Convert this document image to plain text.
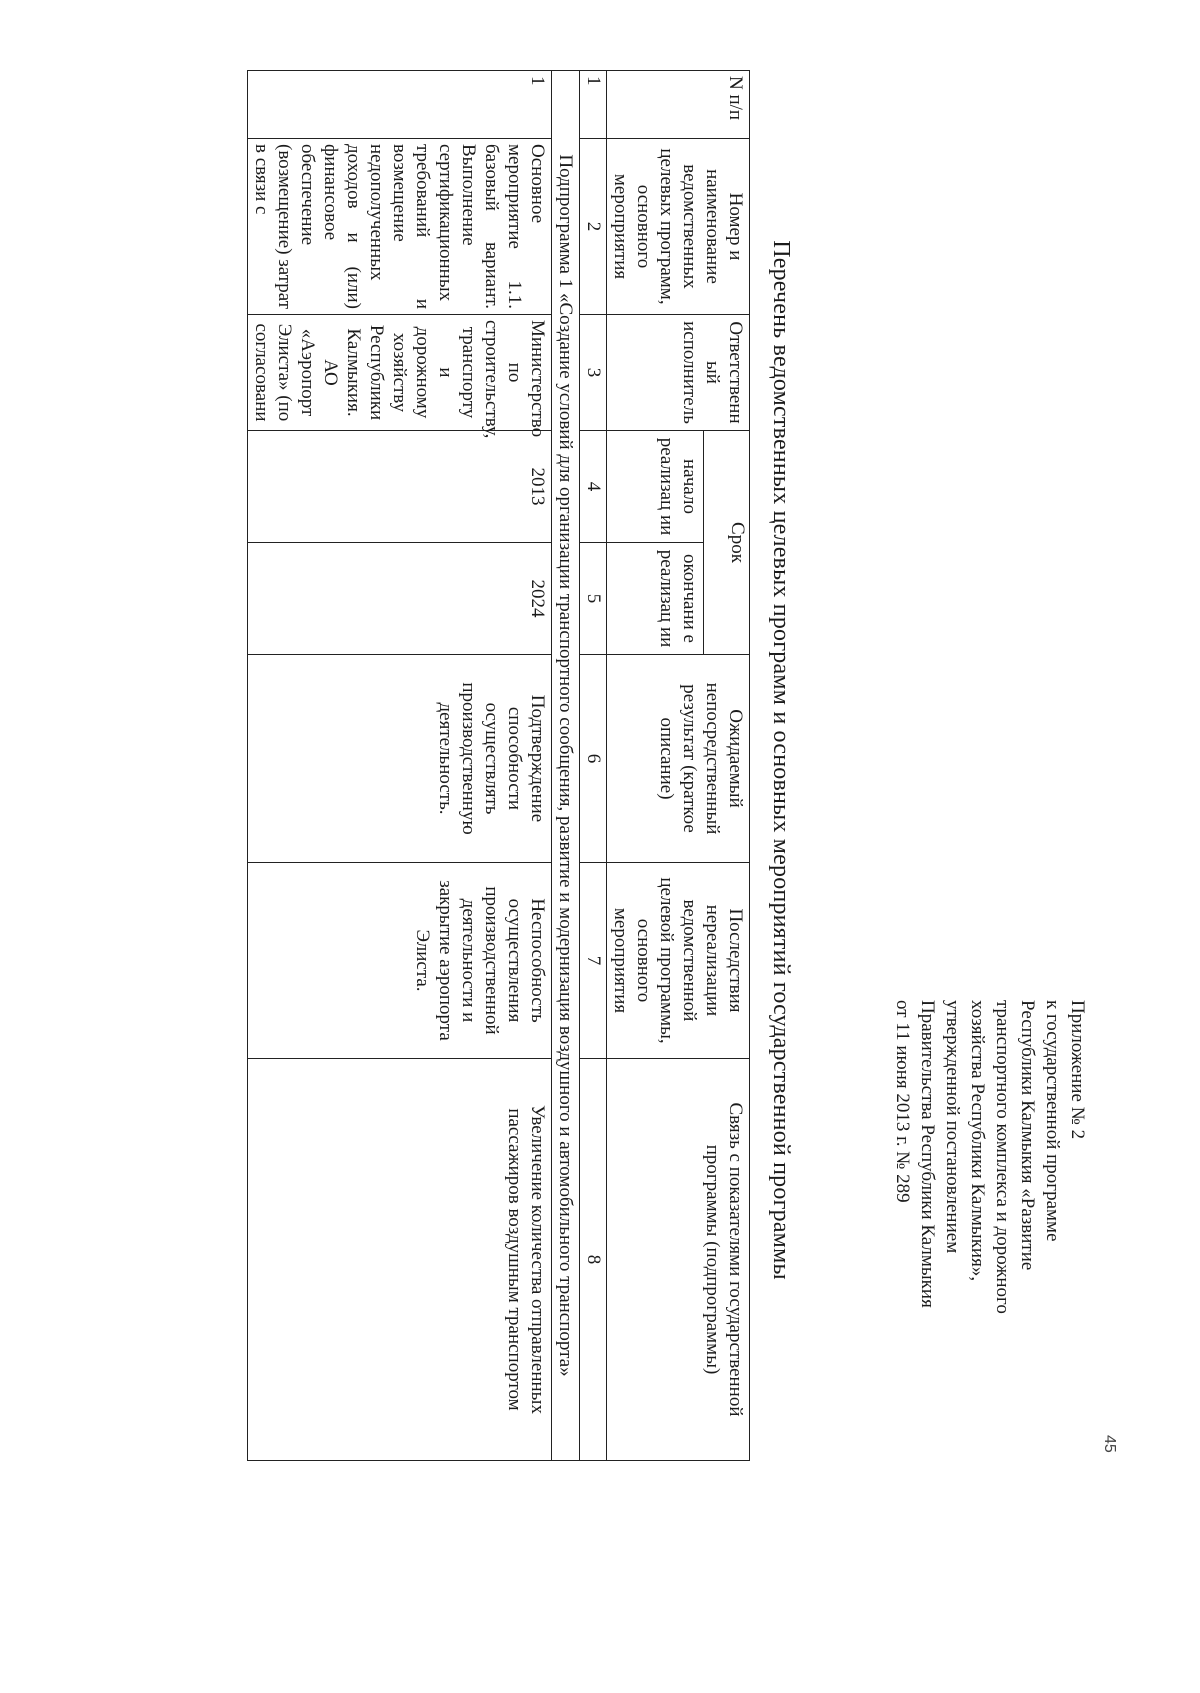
45
Приложение № 2
к государственной программе
Республики Калмыкия «Развитие
транспортного комплекса и дорожного
хозяйства Республики Калмыкия»,
утвержденной постановлением
Правительства Республики Калмыкия
от 11 июня 2013 г. № 289
Перечень ведомственных целевых программ и основных мероприятий государственной программы
N п/п	Номер и наименование ведомственных целевых программ, основного мероприятия	Ответственн ый исполнитель	Срок		Ожидаемый непосредственный результат (краткое описание)	Последствия нереализации ведомственной целевой программы, основного мероприятия	Связь с показателями государственной программы (подпрограммы)
			начало реализац ии	окончани е реализац ии			
1	2	3	4	5	6	7	8
Подпрограмма 1 «Создание условий для организации транспортного сообщения, развитие и модернизация воздушного и автомобильного транспорта»							
1	Основное мероприятие 1.1. базовый вариант. Выполнение сертификационных требований и возмещение недополученных доходов и (или) финансовое обеспечение (возмещение) затрат в связи с	Министерство по строительству, транспорту и дорожному хозяйству Республики Калмыкия. АО «Аэропорт Элиста» (по согласовани	2013	2024	Подтверждение способности осуществлять производственную деятельность.	Неспособность осуществления производственной деятельности и закрытие аэропорта Элиста.	Увеличение количества отправленных пассажиров воздушным транспортом
